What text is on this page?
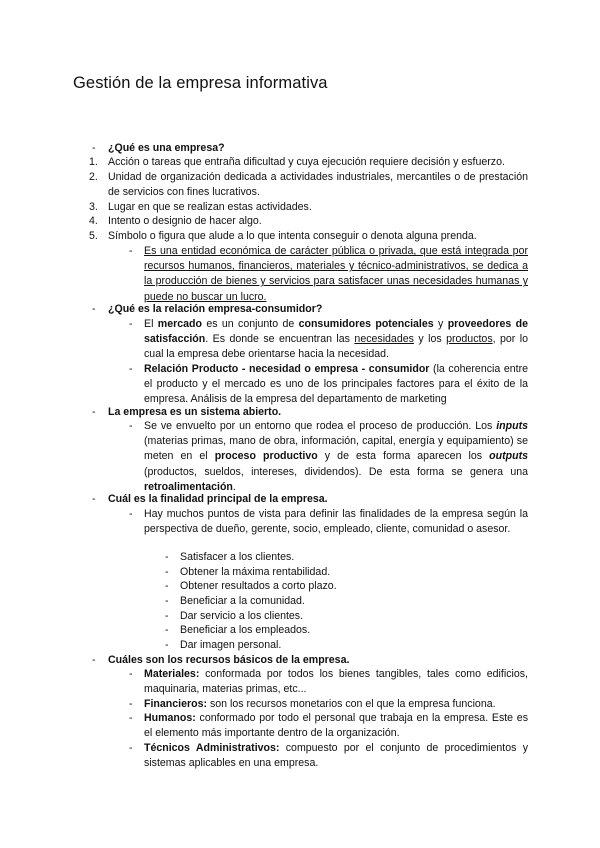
Gestión de la empresa informativa
- ¿Qué es una empresa?
1. Acción o tareas que entraña dificultad y cuya ejecución requiere decisión y esfuerzo.
2. Unidad de organización dedicada a actividades industriales, mercantiles o de prestación de servicios con fines lucrativos.
3. Lugar en que se realizan estas actividades.
4. Intento o designio de hacer algo.
5. Símbolo o figura que alude a lo que intenta conseguir o denota alguna prenda.
- Es una entidad económica de carácter pública o privada, que está integrada por recursos humanos, financieros, materiales y técnico-administrativos, se dedica a la producción de bienes y servicios para satisfacer unas necesidades humanas y puede no buscar un lucro.
- ¿Qué es la relación empresa-consumidor?
- El mercado es un conjunto de consumidores potenciales y proveedores de satisfacción. Es donde se encuentran las necesidades y los productos, por lo cual la empresa debe orientarse hacia la necesidad.
- Relación Producto - necesidad o empresa - consumidor (la coherencia entre el producto y el mercado es uno de los principales factores para el éxito de la empresa. Análisis de la empresa del departamento de marketing
- La empresa es un sistema abierto.
- Se ve envuelto por un entorno que rodea el proceso de producción. Los inputs (materias primas, mano de obra, información, capital, energía y equipamiento) se meten en el proceso productivo y de esta forma aparecen los outputs (productos, sueldos, intereses, dividendos). De esta forma se genera una retroalimentación.
- Cuál es la finalidad principal de la empresa.
- Hay muchos puntos de vista para definir las finalidades de la empresa según la perspectiva de dueño, gerente, socio, empleado, cliente, comunidad o asesor.
- Satisfacer a los clientes.
- Obtener la máxima rentabilidad.
- Obtener resultados a corto plazo.
- Beneficiar a la comunidad.
- Dar servicio a los clientes.
- Beneficiar a los empleados.
- Dar imagen personal.
- Cuáles son los recursos básicos de la empresa.
- Materiales: conformada por todos los bienes tangibles, tales como edificios, maquinaria, materias primas, etc...
- Financieros: son los recursos monetarios con el que la empresa funciona.
- Humanos: conformado por todo el personal que trabaja en la empresa. Este es el elemento más importante dentro de la organización.
- Técnicos Administrativos: compuesto por el conjunto de procedimientos y sistemas aplicables en una empresa.
